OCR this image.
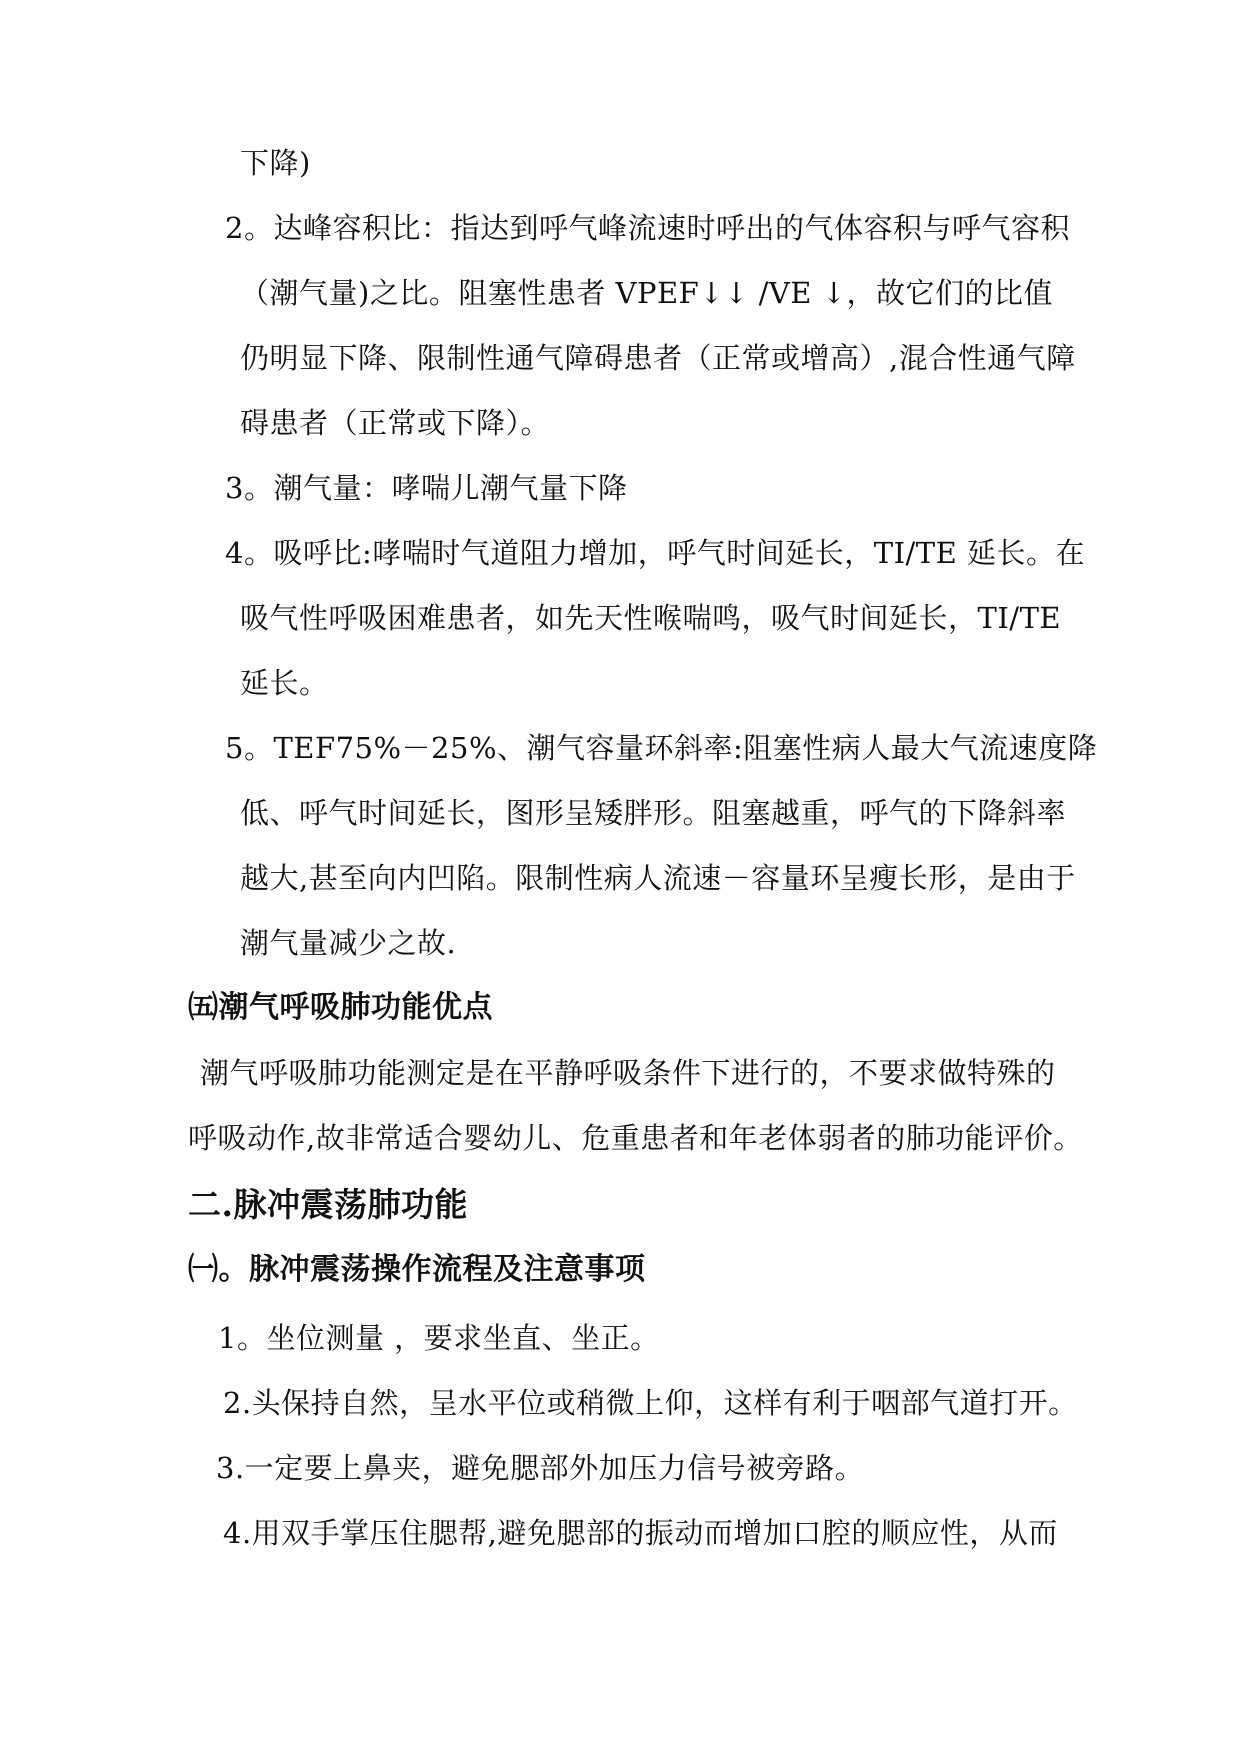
下降)
2。达峰容积比：指达到呼气峰流速时呼出的气体容积与呼气容积
（潮气量)之比。阻塞性患者 VPEF↓↓ /VE ↓，故它们的比值
仍明显下降、限制性通气障碍患者（正常或增高）,混合性通气障
碍患者（正常或下降）。
3。潮气量：哮喘儿潮气量下降
4。吸呼比:哮喘时气道阻力增加，呼气时间延长，TI/TE 延长。在
吸气性呼吸困难患者，如先天性喉喘鸣，吸气时间延长，TI/TE
延长。
5。TEF75%－25%、潮气容量环斜率:阻塞性病人最大气流速度降
低、呼气时间延长，图形呈矮胖形。阻塞越重，呼气的下降斜率
越大,甚至向内凹陷。限制性病人流速－容量环呈瘦长形，是由于
潮气量减少之故.
㈤潮气呼吸肺功能优点
潮气呼吸肺功能测定是在平静呼吸条件下进行的，不要求做特殊的
呼吸动作,故非常适合婴幼儿、危重患者和年老体弱者的肺功能评价。
二.脉冲震荡肺功能
㈠。脉冲震荡操作流程及注意事项
1。坐位测量 ，要求坐直、坐正。
2.头保持自然，呈水平位或稍微上仰，这样有利于咽部气道打开。
3.一定要上鼻夹，避免腮部外加压力信号被旁路。
4.用双手掌压住腮帮,避免腮部的振动而增加口腔的顺应性，从而
